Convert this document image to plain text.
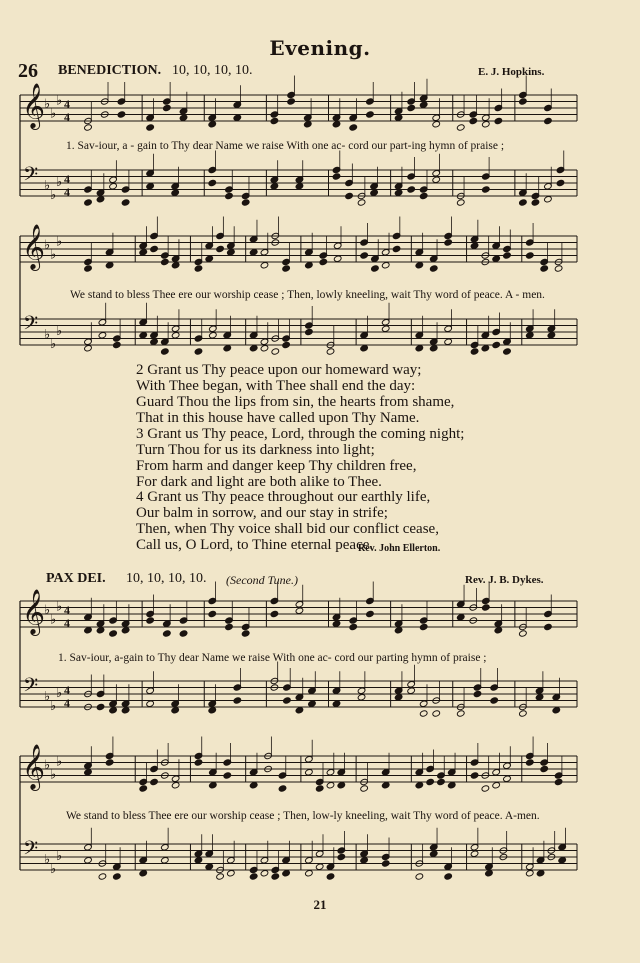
Evening.
26 BENEDICTION. 10, 10, 10, 10.	E. J. Hopkins.
𝄞
𝄢
♭
♭
♭
♭
♭
♭
4
4
4
4
𝄞
𝄢
♭
♭
♭
♭
♭
♭
𝄞
𝄢
♭
♭
♭
♭
♭
♭
4
4
4
4
𝄞
𝄢
♭
♭
♭
♭
♭
♭
1. Sav-iour, a - gain to Thy dear Name we raise With one ac- cord our part-ing hymn of praise ;
We stand to bless Thee ere our worship cease ; Then, lowly kneeling, wait Thy word of peace. A - men.
2 Grant us Thy peace upon our homeward way;
With Thee began, with Thee shall end the day:
Guard Thou the lips from sin, the hearts from shame,
That in this house have called upon Thy Name.
3 Grant us Thy peace, Lord, through the coming night;
Turn Thou for us its darkness into light;
From harm and danger keep Thy children free,
For dark and light are both alike to Thee.
4 Grant us Thy peace throughout our earthly life,
Our balm in sorrow, and our stay in strife;
Then, when Thy voice shall bid our conflict cease,
Call us, O Lord, to Thine eternal peace.
Rev. John Ellerton.
PAX DEI. 10, 10, 10, 10. (Second Tune.)	Rev. J. B. Dykes.
1. Sav-iour, a-gain to Thy dear Name we raise With one ac- cord our parting hymn of praise ;
We stand to bless Thee ere our worship cease ; Then, low-ly kneeling, wait Thy word of peace. A-men.
21
